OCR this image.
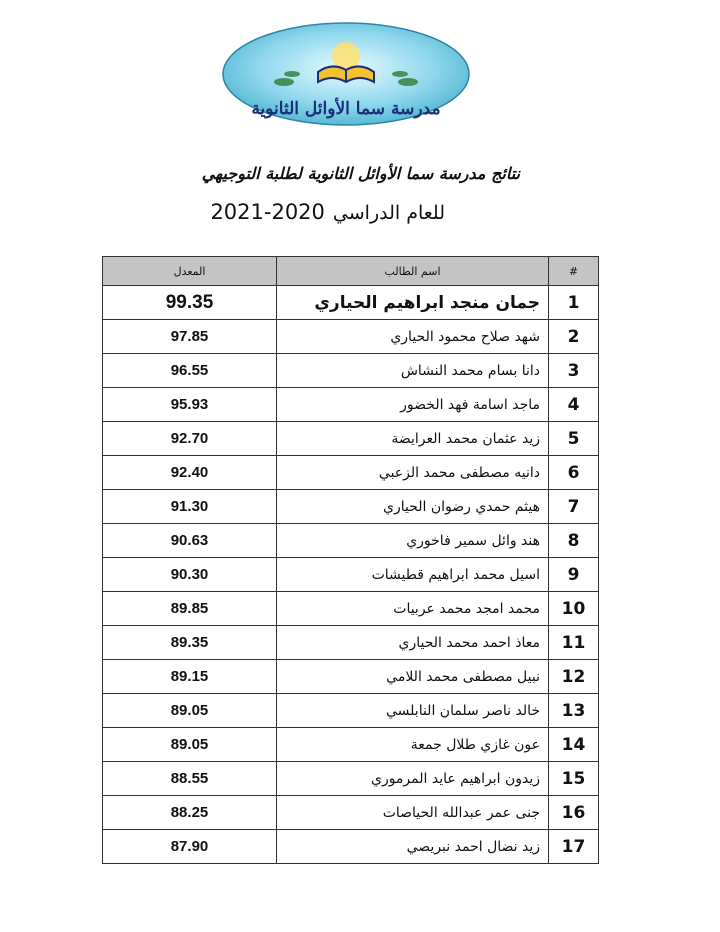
مدرسة سما الأوائل الثانوية
نتائج مدرسة سما الأوائل الثانوية لطلبة التوجيهي
للعام الدراسي2021-2020
#	اسم الطالب	المعدل
1	جمان منجد ابراهيم الحياري	99.35
2	شهد صلاح محمود الحياري	97.85
3	دانا بسام محمد النشاش	96.55
4	ماجد اسامة فهد الخضور	95.93
5	زيد عثمان محمد العرايضة	92.70
6	دانيه مصطفى محمد الزعبي	92.40
7	هيثم حمدي رضوان الحياري	91.30
8	هند وائل سمير فاخوري	90.63
9	اسيل محمد ابراهيم قطيشات	90.30
10	محمد امجد محمد عربيات	89.85
11	معاذ احمد محمد الحياري	89.35
12	نبيل مصطفى محمد اللامي	89.15
13	خالد ناصر سلمان النابلسي	89.05
14	عون غازي طلال جمعة	89.05
15	زيدون ابراهيم عايد المرموري	88.55
16	جنى عمر عبدالله الحياصات	88.25
17	زيد نضال احمد نبريصي	87.90
